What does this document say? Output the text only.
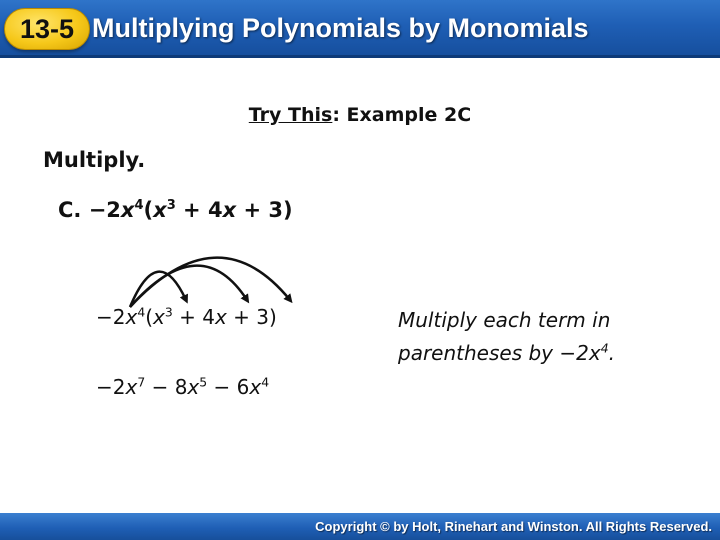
13-5 Multiplying Polynomials by Monomials
Try This: Example 2C
Multiply.
C. $-2x^4(x^3 + 4x + 3)$
$-2x^4(x^3 + 4x + 3)$	Multiply each term in
parentheses by $-2x^4$.
$-2x^7 - 8x^5 - 6x^4$
Copyright © by Holt, Rinehart and Winston. All Rights Reserved.
